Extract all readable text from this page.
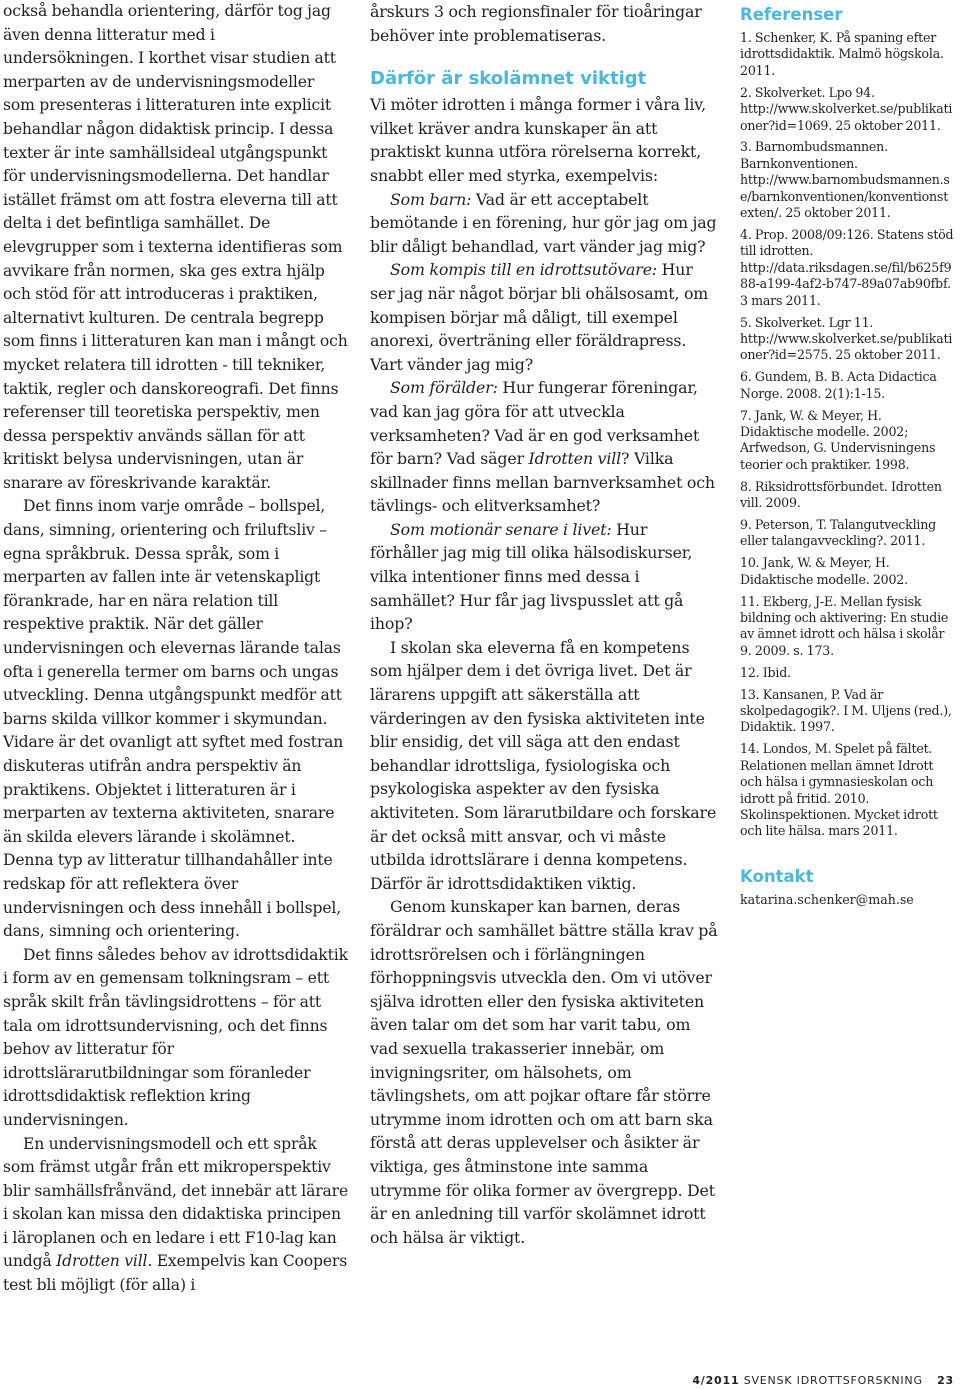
också behandla orientering, därför tog jag även denna litteratur med i undersökningen. I korthet visar studien att merparten av de undervisningsmodeller som presenteras i litteraturen inte explicit behandlar någon didaktisk princip. I dessa texter är inte samhällsideal utgångspunkt för undervisningsmodellerna. Det handlar istället främst om att fostra eleverna till att delta i det befintliga samhället. De elevgrupper som i texterna identifieras som avvikare från normen, ska ges extra hjälp och stöd för att introduceras i praktiken, alternativt kulturen. De centrala begrepp som finns i litteraturen kan man i mångt och mycket relatera till idrotten - till tekniker, taktik, regler och danskoreografi. Det finns referenser till teoretiska perspektiv, men dessa perspektiv används sällan för att kritiskt belysa undervisningen, utan är snarare av föreskrivande karaktär.

Det finns inom varje område – bollspel, dans, simning, orientering och friluftsliv – egna språkbruk. Dessa språk, som i merparten av fallen inte är vetenskapligt förankrade, har en nära relation till respektive praktik. När det gäller undervisningen och elevernas lärande talas ofta i generella termer om barns och ungas utveckling. Denna utgångspunkt medför att barns skilda villkor kommer i skymundan. Vidare är det ovanligt att syftet med fostran diskuteras utifrån andra perspektiv än praktikens. Objektet i litteraturen är i merparten av texterna aktiviteten, snarare än skilda elevers lärande i skolämnet. Denna typ av litteratur tillhandahåller inte redskap för att reflektera över undervisningen och dess innehåll i bollspel, dans, simning och orientering.

Det finns således behov av idrottsdidaktik i form av en gemensam tolkningsram – ett språk skilt från tävlingsidrottens – för att tala om idrottsundervisning, och det finns behov av litteratur för idrottslärarutbildningar som föranleder idrottsdidaktisk reflektion kring undervisningen.

En undervisningsmodell och ett språk som främst utgår från ett mikroperspektiv blir samhällsfrånvänd, det innebär att lärare i skolan kan missa den didaktiska principen i läroplanen och en ledare i ett F10-lag kan undgå Idrotten vill. Exempelvis kan Coopers test bli möjligt (för alla) i

årskurs 3 och regionsfinaler för tioåringar behöver inte problematiseras.

Därför är skolämnet viktigt

Vi möter idrotten i många former i våra liv, vilket kräver andra kunskaper än att praktiskt kunna utföra rörelserna korrekt, snabbt eller med styrka, exempelvis:

Som barn: Vad är ett acceptabelt bemötande i en förening, hur gör jag om jag blir dåligt behandlad, vart vänder jag mig?

Som kompis till en idrottsutövare: Hur ser jag när något börjar bli ohälsosamt, om kompisen börjar må dåligt, till exempel anorexi, överträning eller föräldrapress. Vart vänder jag mig?

Som förälder: Hur fungerar föreningar, vad kan jag göra för att utveckla verksamheten? Vad är en god verksamhet för barn? Vad säger Idrotten vill? Vilka skillnader finns mellan barnverksamhet och tävlings- och elitverksamhet?

Som motionär senare i livet: Hur förhåller jag mig till olika hälsodiskurser, vilka intentioner finns med dessa i samhället? Hur får jag livspusslet att gå ihop?

I skolan ska eleverna få en kompetens som hjälper dem i det övriga livet. Det är lärarens uppgift att säkerställa att värderingen av den fysiska aktiviteten inte blir ensidig, det vill säga att den endast behandlar idrottsliga, fysiologiska och psykologiska aspekter av den fysiska aktiviteten. Som lärarutbildare och forskare är det också mitt ansvar, och vi måste utbilda idrottslärare i denna kompetens. Därför är idrottsdidaktiken viktig.

Genom kunskaper kan barnen, deras föräldrar och samhället bättre ställa krav på idrottsrörelsen och i förlängningen förhoppningsvis utveckla den. Om vi utöver själva idrotten eller den fysiska aktiviteten även talar om det som har varit tabu, om vad sexuella trakasserier innebär, om invigningsriter, om hälsohets, om tävlingshets, om att pojkar oftare får större utrymme inom idrotten och om att barn ska förstå att deras upplevelser och åsikter är viktiga, ges åtminstone inte samma utrymme för olika former av övergrepp. Det är en anledning till varför skolämnet idrott och hälsa är viktigt.

Referenser

1. Schenker, K. På spaning efter idrottsdidaktik. Malmö högskola. 2011.

2. Skolverket. Lpo 94. http://www.skolverket.se/publikationer?id=1069. 25 oktober 2011.

3. Barnombudsmannen. Barnkonventionen. http://www.barnombudsmannen.se/barnkonventionen/konventionstexten/. 25 oktober 2011.

4. Prop. 2008/09:126. Statens stöd till idrotten. http://data.riksdagen.se/fil/b625f988-a199-4af2-b747-89a07ab90fbf. 3 mars 2011.

5. Skolverket. Lgr 11. http://www.skolverket.se/publikationer?id=2575. 25 oktober 2011.

6. Gundem, B. B. Acta Didactica Norge. 2008. 2(1):1-15.

7. Jank, W. & Meyer, H. Didaktische modelle. 2002; Arfwedson, G. Undervisningens teorier och praktiker. 1998.

8. Riksidrottsförbundet. Idrotten vill. 2009.

9. Peterson, T. Talangutveckling eller talangavveckling?. 2011.

10. Jank, W. & Meyer, H. Didaktische modelle. 2002.

11. Ekberg, J-E. Mellan fysisk bildning och aktivering: En studie av ämnet idrott och hälsa i skolår 9. 2009. s. 173.

12. Ibid.

13. Kansanen, P. Vad är skolpedagogik?. I M. Uljens (red.), Didaktik. 1997.

14. Londos, M. Spelet på fältet. Relationen mellan ämnet Idrott och hälsa i gymnasieskolan och idrott på fritid. 2010. Skolinspektionen. Mycket idrott och lite hälsa. mars 2011.

Kontakt

katarina.schenker@mah.se

4/2011 SVENSK IDROTTSFORSKNING 23
